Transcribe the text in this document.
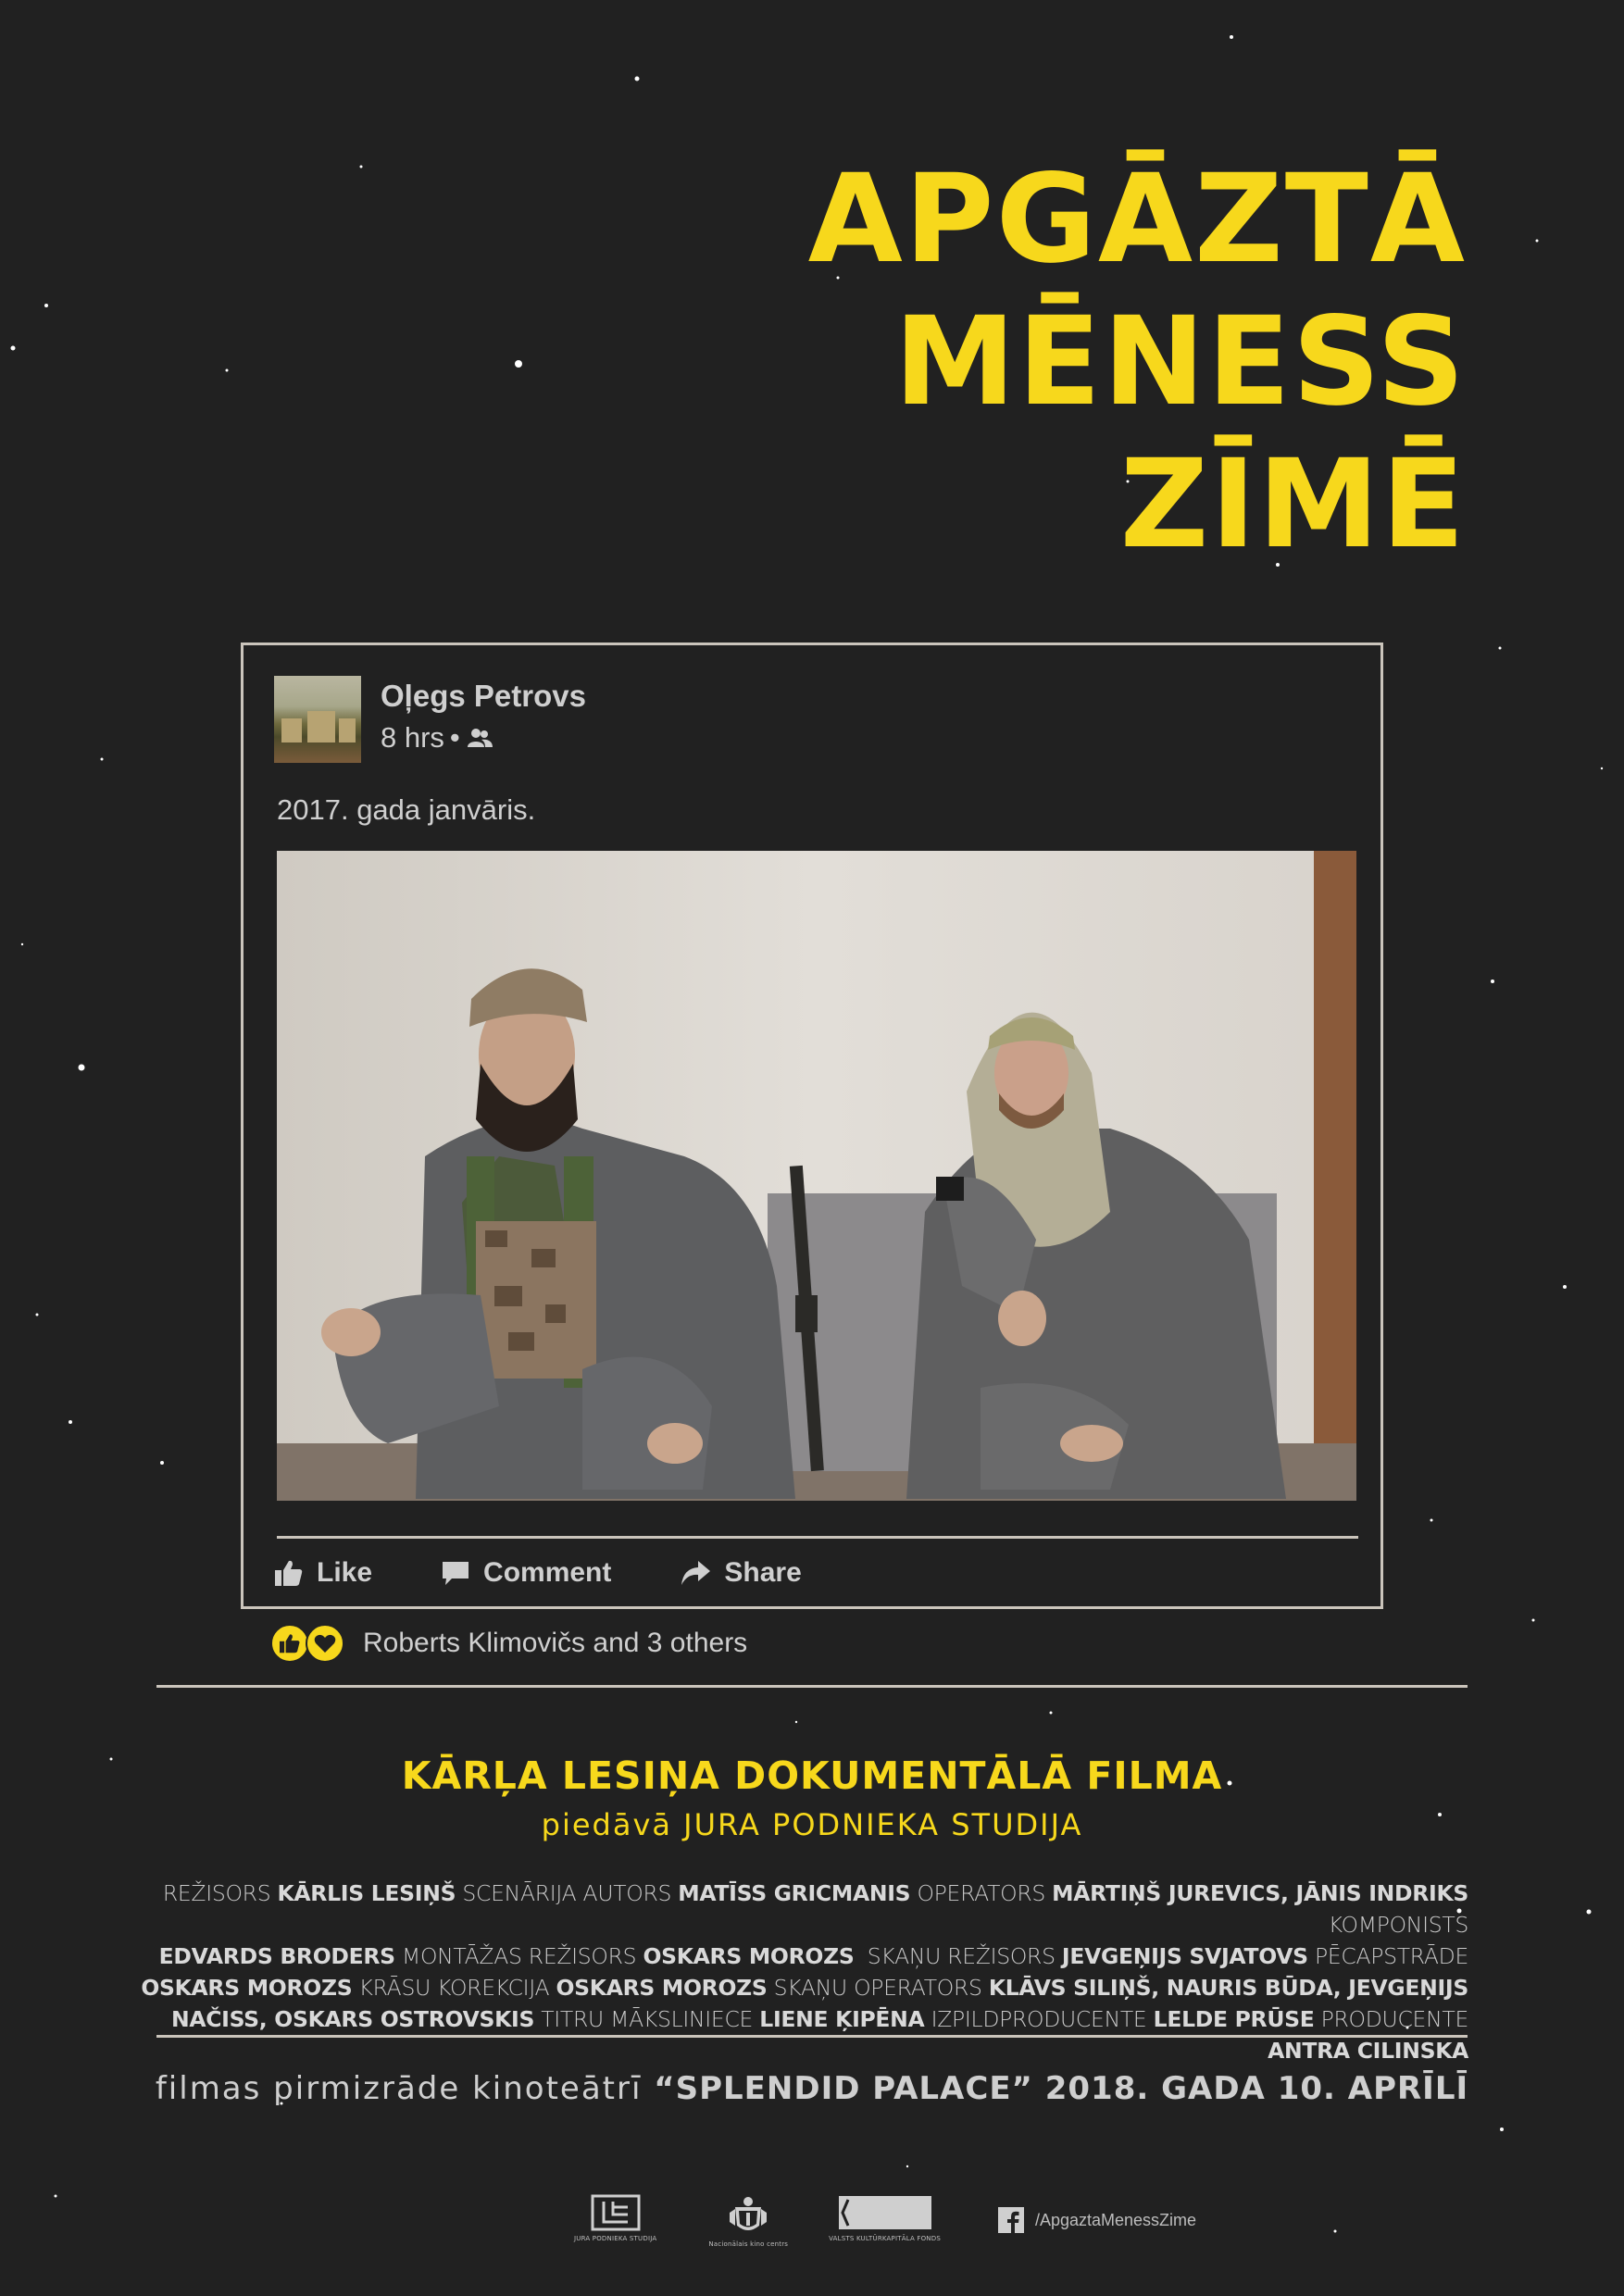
APGĀZTĀ
MĒNESS
ZĪMĒ
Oļegs Petrovs
8 hrs •
2017. gada janvāris.
Like	Comment	Share
Roberts Klimovičs and 3 others
KĀRĻA LESIŅA DOKUMENTĀLĀ FILMA
piedāvā JURA PODNIEKA STUDIJA
REŽISORS KĀRLIS LESIŅŠ SCENĀRIJA AUTORS MATĪSS GRICMANIS OPERATORS MĀRTIŅŠ JUREVICS, JĀNIS INDRIKS KOMPONISTS
EDVARDS BRODERS MONTĀŽAS REŽISORS OSKARS MOROZS SKAŅU REŽISORS JEVGEŅIJS SVJATOVS PĒCAPSTRĀDE
OSKARS MOROZS KRĀSU KOREKCIJA OSKARS MOROZS SKAŅU OPERATORS KLĀVS SILIŅŠ, NAURIS BŪDA, JEVGEŅIJS NAČISS, OSKARS OSTROVSKIS TITRU MĀKSLINIECE LIENE ĶIPĒNA IZPILDPRODUCENTE LELDE PRŪSE PRODUCENTE ANTRA CILINSKA
filmas pirmizrāde kinoteātrī “SPLENDID PALACE” 2018. GADA 10. APRĪLĪ
JURA PODNIEKA STUDIJA
Nacionālais kino centrs
VALSTS KULTŪRKAPITĀLA FONDS
/ApgaztaMenessZime
